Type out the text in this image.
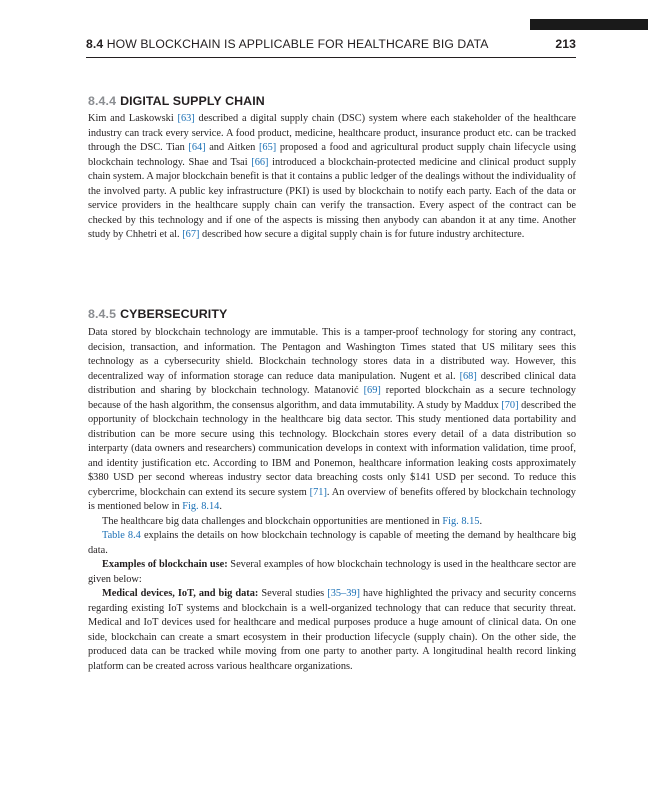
8.4 HOW BLOCKCHAIN IS APPLICABLE FOR HEALTHCARE BIG DATA	213
8.4.4 DIGITAL SUPPLY CHAIN

Kim and Laskowski [63] described a digital supply chain (DSC) system where each stakeholder of the healthcare industry can track every service. A food product, medicine, healthcare product, insurance product etc. can be tracked through the DSC. Tian [64] and Aitken [65] proposed a food and agricultural product supply chain lifecycle using blockchain technology. Shae and Tsai [66] introduced a blockchain-protected medicine and clinical product supply chain system. A major blockchain benefit is that it contains a public ledger of the dealings without the individuality of the involved party. A public key infrastructure (PKI) is used by blockchain to notify each party. Each of the data or service providers in the healthcare supply chain can verify the transaction. Every aspect of the contract can be checked by this technology and if one of the aspects is missing then anybody can abandon it at any time. Another study by Chhetri et al. [67] described how secure a digital supply chain is for future industry architecture.

8.4.5 CYBERSECURITY

Data stored by blockchain technology are immutable. This is a tamper-proof technology for storing any contract, decision, transaction, and information. The Pentagon and Washington Times stated that US military sees this technology as a cybersecurity shield. Blockchain technology stores data in a distributed way. However, this decentralized way of information storage can reduce data manipulation. Nugent et al. [68] described clinical data distribution and sharing by blockchain technology. Matanović [69] reported blockchain as a secure technology because of the hash algorithm, the consensus algorithm, and data immutability. A study by Maddux [70] described the opportunity of blockchain technology in the healthcare big data sector. This study mentioned data portability and distribution can be more secure using this technology. Blockchain stores every detail of a data distribution so interparty (data owners and researchers) communication develops in context with information validation, time proof, and identity justification etc. According to IBM and Ponemon, healthcare information leaking costs approximately $380 USD per second whereas industry sector data breaching costs only $141 USD per second. To reduce this cybercrime, blockchain can extend its secure system [71]. An overview of benefits offered by blockchain technology is mentioned below in Fig. 8.14.

The healthcare big data challenges and blockchain opportunities are mentioned in Fig. 8.15.

Table 8.4 explains the details on how blockchain technology is capable of meeting the demand by healthcare big data.

Examples of blockchain use: Several examples of how blockchain technology is used in the healthcare sector are given below:

Medical devices, IoT, and big data: Several studies [35–39] have highlighted the privacy and security concerns regarding existing IoT systems and blockchain is a well-organized technology that can reduce that security threat. Medical and IoT devices used for healthcare and medical purposes produce a huge amount of clinical data. On one side, blockchain can create a smart ecosystem in their production lifecycle (supply chain). On the other side, the produced data can be tracked while moving from one party to another party. A longitudinal health record linking platform can be created across various healthcare organizations.
